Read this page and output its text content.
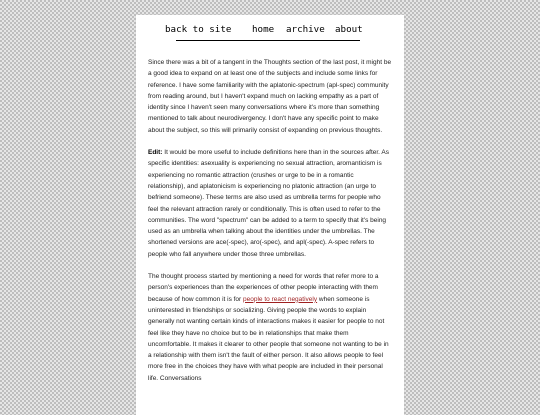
back to site home archive about

Since there was a bit of a tangent in the Thoughts section of the last post, it might be a good idea to expand on at least one of the subjects and include some links for reference. I have some familiarity with the aplatonic-spectrum (apl-spec) community from reading around, but I haven't expand much on lacking empathy as a part of identity since I haven't seen many conversations where it's more than something mentioned to talk about neurodivergency. I don't have any specific point to make about the subject, so this will primarily consist of expanding on previous thoughts.

Edit: It would be more useful to include definitions here than in the sources after. As specific identities: asexuality is experiencing no sexual attraction, aromanticism is experiencing no romantic attraction (crushes or urge to be in a romantic relationship), and aplatonicism is experiencing no platonic attraction (an urge to befriend someone). These terms are also used as umbrella terms for people who feel the relevant attraction rarely or conditionally. This is often used to refer to the communities. The word "spectrum" can be added to a term to specify that it's being used as an umbrella when talking about the identities under the umbrellas. The shortened versions are ace(-spec), aro(-spec), and apl(-spec). A-spec refers to people who fall anywhere under those three umbrellas.

The thought process started by mentioning a need for words that refer more to a person's experiences than the experiences of other people interacting with them because of how common it is for people to react negatively when someone is uninterested in friendships or socializing. Giving people the words to explain generally not wanting certain kinds of interactions makes it easier for people to not feel like they have no choice but to be in relationships that make them uncomfortable. It makes it clearer to other people that someone not wanting to be in a relationship with them isn't the fault of either person. It also allows people to feel more free in the choices they have with what people are included in their personal life. Conversations
